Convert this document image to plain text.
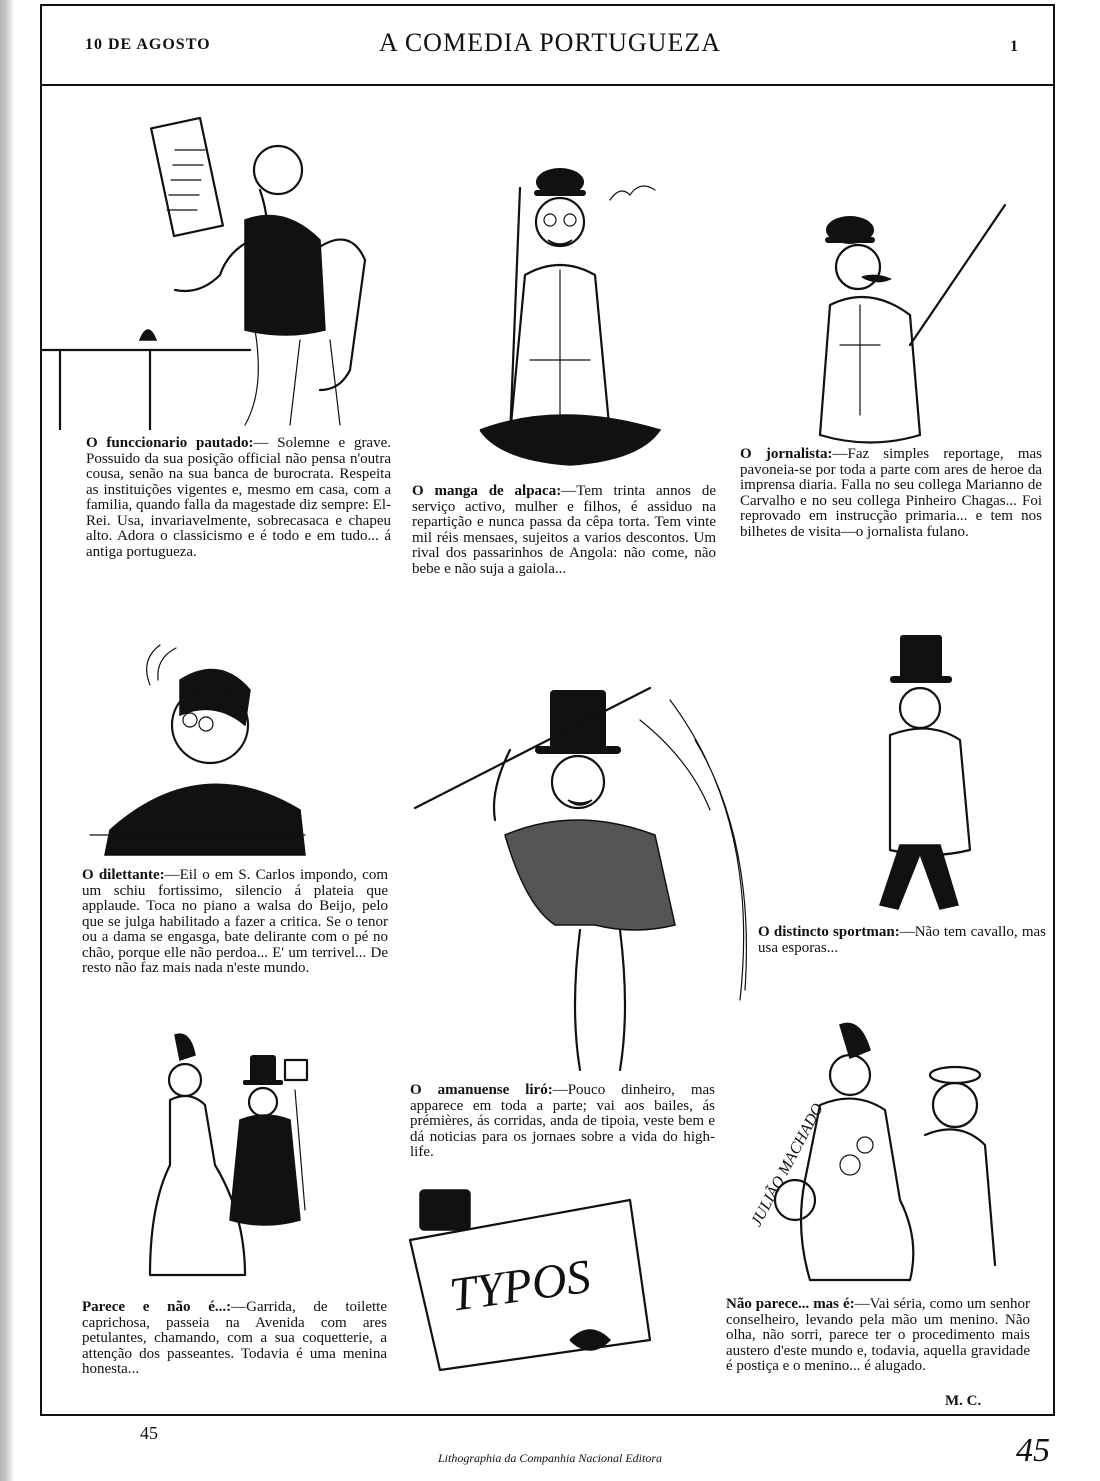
10 DE AGOSTO	A COMEDIA PORTUGUEZA	1
TYPOS
JULIÃO MACHADO
O funccionario pautado:— Solemne e grave. Possuido da sua posição official não pensa n'outra cousa, senão na sua banca de burocrata. Respeita as instituições vigentes e, mesmo em casa, com a familia, quando falla da magestade diz sempre: El-Rei. Usa, invariavelmente, sobrecasaca e chapeu alto. Adora o classicismo e é todo e em tudo... á antiga portugueza.
O manga de alpaca:—Tem trinta annos de serviço activo, mulher e filhos, é assiduo na repartição e nunca passa da cêpa torta. Tem vinte mil réis mensaes, sujeitos a varios descontos. Um rival dos passarinhos de Angola: não come, não bebe e não suja a gaiola...
O jornalista:—Faz simples reportage, mas pavoneia-se por toda a parte com ares de heroe da imprensa diaria. Falla no seu collega Marianno de Carvalho e no seu collega Pinheiro Chagas... Foi reprovado em instrucção primaria... e tem nos bilhetes de visita—o jornalista fulano.
O dilettante:—Eil o em S. Carlos impondo, com um schiu fortissimo, silencio á plateia que applaude. Toca no piano a walsa do Beijo, pelo que se julga habilitado a fazer a critica. Se o tenor ou a dama se engasga, bate delirante com o pé no chão, porque elle não perdoa... E' um terrivel... De resto não faz mais nada n'este mundo.
O distincto sportman:—Não tem cavallo, mas usa esporas...
O amanuense liró:—Pouco dinheiro, mas apparece em toda a parte; vai aos bailes, ás prémières, ás corridas, anda de tipoia, veste bem e dá noticias para os jornaes sobre a vida do high-life.
Parece e não é...:—Garrida, de toilette caprichosa, passeia na Avenida com ares petulantes, chamando, com a sua coquetterie, a attenção dos passeantes. Todavia é uma menina honesta...
Não parece... mas é:—Vai séria, como um senhor conselheiro, levando pela mão um menino. Não olha, não sorri, parece ter o procedimento mais austero d'este mundo e, todavia, aquella gravidade é postiça e o menino... é alugado.
M. C.
45
Lithographia da Companhia Nacional Editora	45
